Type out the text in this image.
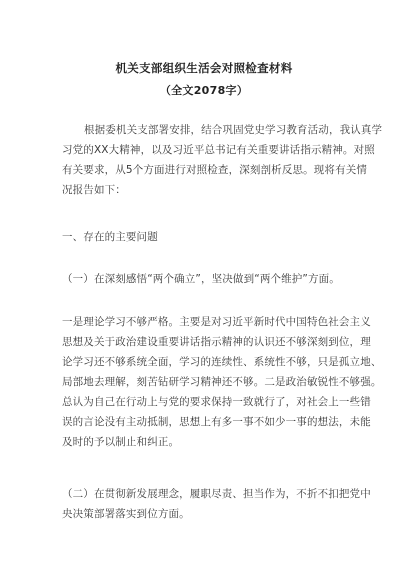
机关支部组织生活会对照检查材料
（全文2078字）
根据委机关支部署安排，结合巩固党史学习教育活动，我认真学
习党的XX大精神，以及习近平总书记有关重要讲话指示精神。对照
有关要求，从5个方面进行对照检查，深刻剖析反思。现将有关情
况报告如下：
一、存在的主要问题
（一）在深刻感悟“两个确立”，坚决做到“两个维护”方面。
一是理论学习不够严格。主要是对习近平新时代中国特色社会主义
思想及关于政治建设重要讲话指示精神的认识还不够深刻到位，理
论学习还不够系统全面，学习的连续性、系统性不够，只是孤立地、
局部地去理解，刻苦钻研学习精神还不够。二是政治敏锐性不够强。
总认为自己在行动上与党的要求保持一致就行了，对社会上一些错
误的言论没有主动抵制，思想上有多一事不如少一事的想法，未能
及时的予以制止和纠正。
（二）在贯彻新发展理念，履职尽责、担当作为，不折不扣把党中
央决策部署落实到位方面。
